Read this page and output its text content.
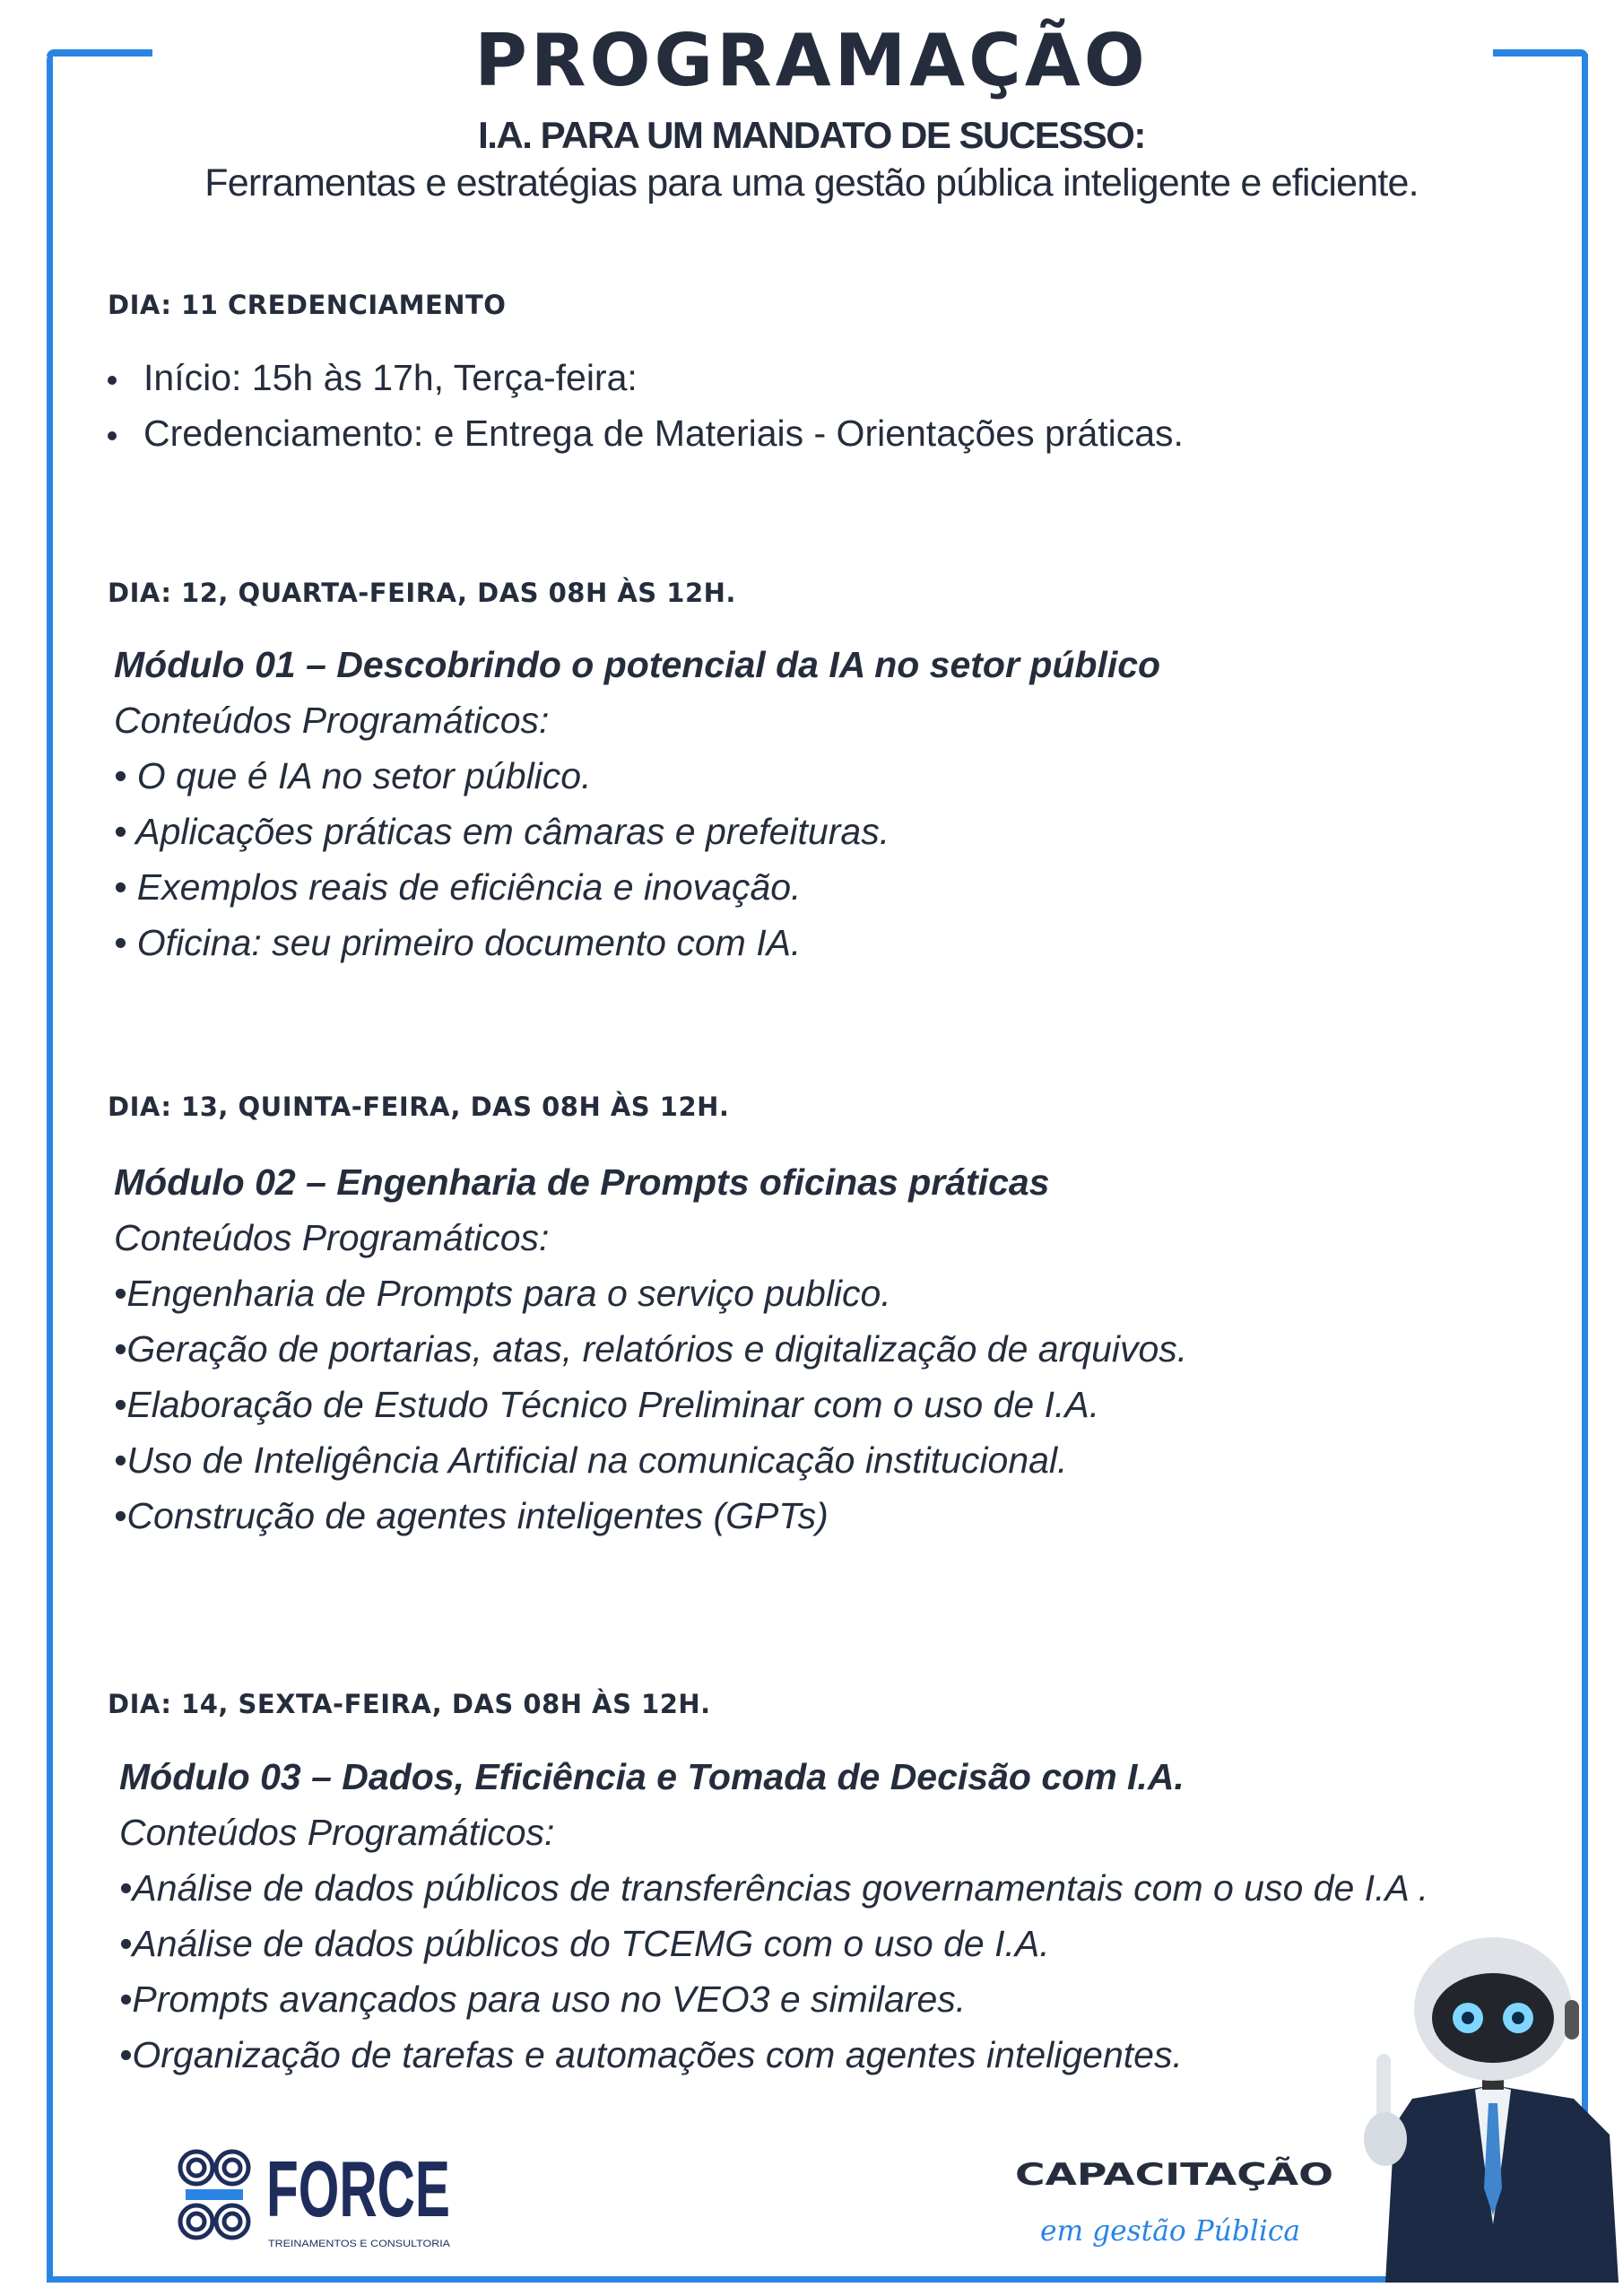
PROGRAMAÇÃO
I.A. PARA UM MANDATO DE SUCESSO:
Ferramentas e estratégias para uma gestão pública inteligente e eficiente.
DIA: 11 CREDENCIAMENTO
Início: 15h às 17h, Terça-feira:
Credenciamento: e Entrega de Materiais - Orientações práticas.
DIA: 12, QUARTA-FEIRA, DAS 08H ÀS 12H.
Módulo 01 – Descobrindo o potencial da IA no setor público
Conteúdos Programáticos:
• O que é IA no setor público.
• Aplicações práticas em câmaras e prefeituras.
• Exemplos reais de eficiência e inovação.
• Oficina: seu primeiro documento com IA.
DIA: 13, QUINTA-FEIRA, DAS 08H ÀS 12H.
Módulo 02 – Engenharia de Prompts oficinas práticas
Conteúdos Programáticos:
•Engenharia de Prompts para o serviço publico.
•Geração de portarias, atas, relatórios e digitalização de arquivos.
•Elaboração de Estudo Técnico Preliminar com o uso de I.A.
•Uso de Inteligência Artificial na comunicação institucional.
•Construção de agentes inteligentes (GPTs)
DIA: 14, SEXTA-FEIRA, DAS 08H ÀS 12H.
Módulo 03 – Dados, Eficiência e Tomada de Decisão com I.A.
Conteúdos Programáticos:
•Análise de dados públicos de transferências governamentais com o uso de I.A .
•Análise de dados públicos do TCEMG com o uso de I.A.
•Prompts avançados para uso no VEO3 e similares.
•Organização de tarefas e automações com agentes inteligentes.
FORCE
TREINAMENTOS E CONSULTORIA
CAPACITAÇÃO
em gestão Pública
